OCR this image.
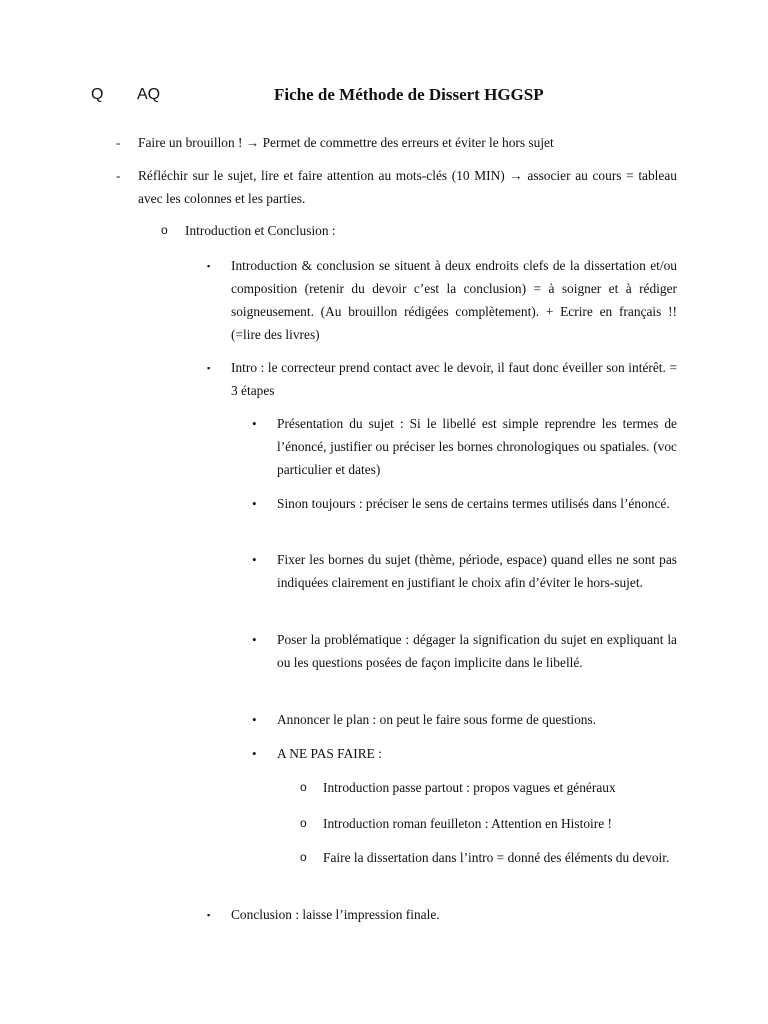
Q AQ	Fiche de Méthode de Dissert HGGSP
- Faire un brouillon ! → Permet de commettre des erreurs et éviter le hors sujet
- Réfléchir sur le sujet, lire et faire attention au mots-clés (10 MIN) → associer au cours = tableau avec les colonnes et les parties.
o Introduction et Conclusion :
▪ Introduction & conclusion se situent à deux endroits clefs de la dissertation et/ou composition (retenir du devoir c’est la conclusion) = à soigner et à rédiger soigneusement. (Au brouillon rédigées complètement). + Ecrire en français !! (=lire des livres)
▪ Intro : le correcteur prend contact avec le devoir, il faut donc éveiller son intérêt. = 3 étapes
• Présentation du sujet : Si le libellé est simple reprendre les termes de l’énoncé, justifier ou préciser les bornes chronologiques ou spatiales. (voc particulier et dates)
• Sinon toujours : préciser le sens de certains termes utilisés dans l’énoncé.
• Fixer les bornes du sujet (thème, période, espace) quand elles ne sont pas indiquées clairement en justifiant le choix afin d’éviter le hors-sujet.
• Poser la problématique : dégager la signification du sujet en expliquant la ou les questions posées de façon implicite dans le libellé.
• Annoncer le plan : on peut le faire sous forme de questions.
• A NE PAS FAIRE :
o Introduction passe partout : propos vagues et généraux
o Introduction roman feuilleton : Attention en Histoire !
o Faire la dissertation dans l’intro = donné des éléments du devoir.
▪ Conclusion : laisse l’impression finale.
